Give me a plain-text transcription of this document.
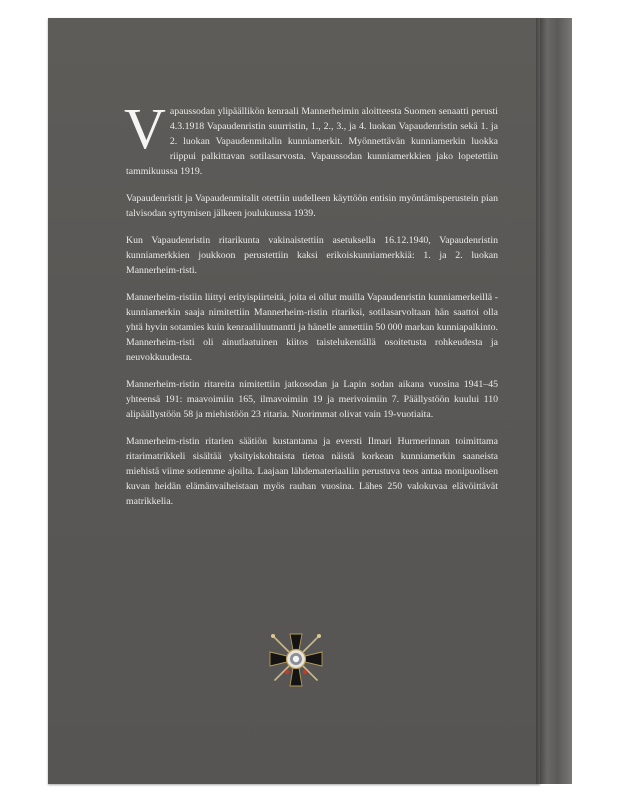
Vapaussodan ylipäällikön kenraali Mannerheimin aloitteesta Suomen senaatti perusti 4.3.1918 Vapaudenristin suurristin, 1., 2., 3., ja 4. luokan Vapaudenristin sekä 1. ja 2. luokan Vapaudenmitalin kunniamerkit. Myönnettävän kunniamerkin luokka riippui palkittavan sotilasarvosta. Vapaussodan kunniamerkkien jako lopetettiin tammikuussa 1919.

Vapaudenristit ja Vapaudenmitalit otettiin uudelleen käyttöön entisin myöntämisperustein pian talvisodan syttymisen jälkeen joulukuussa 1939.

Kun Vapaudenristin ritarikunta vakinaistettiin asetuksella 16.12.1940, Vapaudenristin kunniamerkkien joukkoon perustettiin kaksi erikoiskunniamerkkiä: 1. ja 2. luokan Mannerheim-risti.

Mannerheim-ristiin liittyi erityispiirteitä, joita ei ollut muilla Vapaudenristin kunniamerkeillä - kunniamerkin saaja nimitettiin Mannerheim-ristin ritariksi, sotilasarvoltaan hän saattoi olla yhtä hyvin sotamies kuin kenraaliluutnantti ja hänelle annettiin 50 000 markan kunniapalkinto. Mannerheim-risti oli ainutlaatuinen kiitos taistelukentällä osoitetusta rohkeudesta ja neuvokkuudesta.

Mannerheim-ristin ritareita nimitettiin jatkosodan ja Lapin sodan aikana vuosina 1941–45 yhteensä 191: maavoimiin 165, ilmavoimiin 19 ja merivoimiin 7. Päällystöön kuului 110 alipäällystöön 58 ja miehistöön 23 ritaria. Nuorimmat olivat vain 19-vuotiaita.

Mannerheim-ristin ritarien säätiön kustantama ja eversti Ilmari Hurmerinnan toimittama ritarimatrikkeli sisältää yksityiskohtaista tietoa näistä korkean kunniamerkin saaneista miehistä viime sotiemme ajoilta. Laajaan lähdemateriaaliin perustuva teos antaa monipuolisen kuvan heidän elämänvaiheistaan myös rauhan vuosina. Lähes 250 valokuvaa elävöittävät matrikkelia.
